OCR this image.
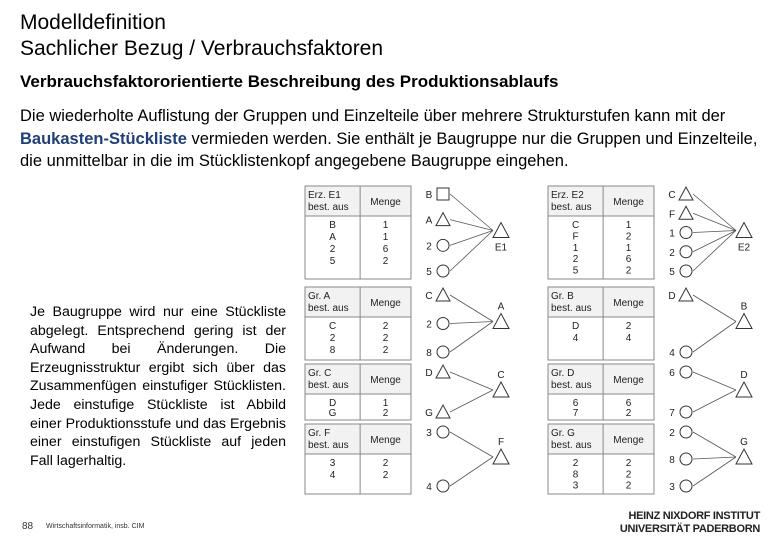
Modelldefinition
Sachlicher Bezug / Verbrauchsfaktoren
Verbrauchsfaktororientierte Beschreibung des Produktionsablaufs
Die wiederholte Auflistung der Gruppen und Einzelteile über mehrere Strukturstufen kann mit der Baukasten-Stückliste vermieden werden. Sie enthält je Baugruppe nur die Gruppen und Einzelteile, die unmittelbar in die im Stücklistenkopf angegebene Baugruppe eingehen.
Je Baugruppe wird nur eine Stückliste abgelegt. Entsprechend gering ist der Aufwand bei Änderungen. Die Erzeugnisstruktur ergibt sich über das Zusammenfügen einstufiger Stücklisten. Jede einstufige Stückliste ist Abbild einer Produktionsstufe und das Ergebnis einer einstufigen Stückliste auf jeden Fall lagerhaltig.
Erz. E1
best. aus Menge
B	1
A	1
2	6
5	2
B
A
2
5
E1
Erz. E2
best. aus Menge
C	1
F	2
1	1
2	6
5	2
C
F
1
2
5
E2
Gr. A
best. aus Menge
C	2
2	2
8	2
C
2
8
A
Gr. B
best. aus Menge
D	2
4	4
D
4
B
Gr. C
best. aus Menge
D	1
G	2
D
G
C	Gr. D
best. aus Menge
6	6
7	2
6
7
D
Gr. F
best. aus Menge
3	2
4	2
3
4
F
Gr. G
best. aus Menge
2	2
8	2
3	2
2
8
3
G
88 Wirtschaftsinformatik, insb. CIM
HEINZ NIXDORF INSTITUT
UNIVERSITÄT PADERBORN
